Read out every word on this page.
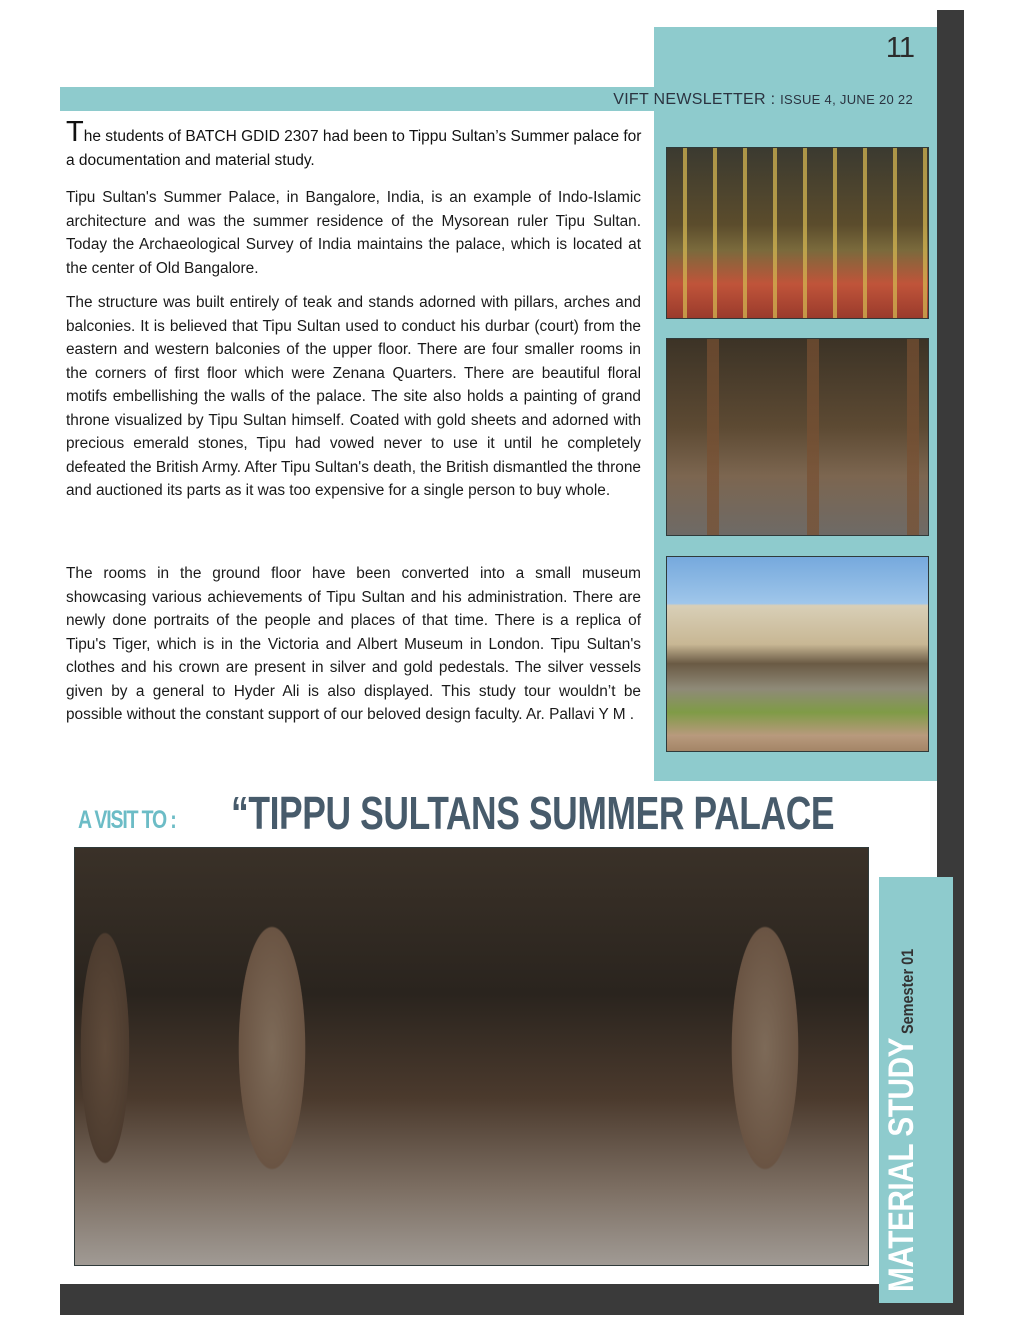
11
VIFT NEWSLETTER : ISSUE 4, JUNE 20 22
The students of BATCH GDID 2307 had been to Tippu Sultan’s Summer palace for a documentation and material study.

Tipu Sultan's Summer Palace, in Bangalore, India, is an example of Indo-Islamic architecture and was the summer residence of the Mysorean ruler Tipu Sultan. Today the Archaeological Survey of India maintains the palace, which is located at the center of Old Bangalore.

The structure was built entirely of teak and stands adorned with pillars, arches and balconies. It is believed that Tipu Sultan used to conduct his durbar (court) from the eastern and western balconies of the upper floor. There are four smaller rooms in the corners of first floor which were Zenana Quarters. There are beautiful floral motifs embellishing the walls of the palace. The site also holds a painting of grand throne visualized by Tipu Sultan himself. Coated with gold sheets and adorned with precious emerald stones, Tipu had vowed never to use it until he completely defeated the British Army. After Tipu Sultan's death, the British dismantled the throne and auctioned its parts as it was too expensive for a single person to buy whole.

The rooms in the ground floor have been converted into a small museum showcasing various achievements of Tipu Sultan and his administration. There are newly done portraits of the people and places of that time. There is a replica of Tipu's Tiger, which is in the Victoria and Albert Museum in London. Tipu Sultan's clothes and his crown are present in silver and gold pedestals. The silver vessels given by a general to Hyder Ali is also displayed. This study tour wouldn’t be possible without the constant support of our beloved design faculty. Ar. Pallavi Y M .

A VISIT TO : “TIPPU SULTANS SUMMER PALACE
MATERIAL STUDY Semester 01
